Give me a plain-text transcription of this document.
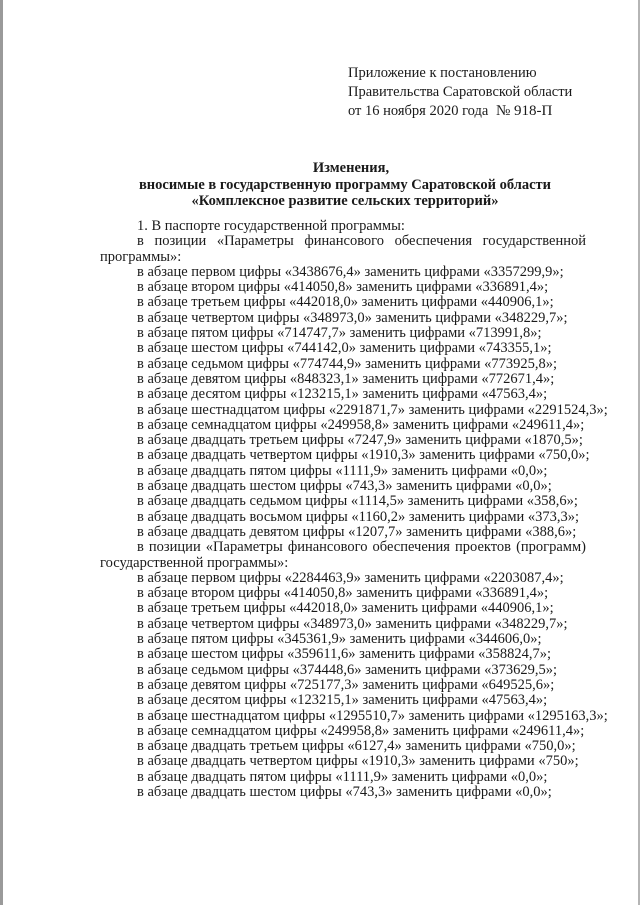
Приложение к постановлению
Правительства Саратовской области
от 16 ноября 2020 года № 918-П
Изменения,
вносимые в государственную программу Саратовской области
«Комплексное развитие сельских территорий»
1. В паспорте государственной программы:
в позиции «Параметры финансового обеспечения государственной программы»:
в абзаце первом цифры «3438676,4» заменить цифрами «3357299,9»;
в абзаце втором цифры «414050,8» заменить цифрами «336891,4»;
в абзаце третьем цифры «442018,0» заменить цифрами «440906,1»;
в абзаце четвертом цифры «348973,0» заменить цифрами «348229,7»;
в абзаце пятом цифры «714747,7» заменить цифрами «713991,8»;
в абзаце шестом цифры «744142,0» заменить цифрами «743355,1»;
в абзаце седьмом цифры «774744,9» заменить цифрами «773925,8»;
в абзаце девятом цифры «848323,1» заменить цифрами «772671,4»;
в абзаце десятом цифры «123215,1» заменить цифрами «47563,4»;
в абзаце шестнадцатом цифры «2291871,7» заменить цифрами «2291524,3»;
в абзаце семнадцатом цифры «249958,8» заменить цифрами «249611,4»;
в абзаце двадцать третьем цифры «7247,9» заменить цифрами «1870,5»;
в абзаце двадцать четвертом цифры «1910,3» заменить цифрами «750,0»;
в абзаце двадцать пятом цифры «1111,9» заменить цифрами «0,0»;
в абзаце двадцать шестом цифры «743,3» заменить цифрами «0,0»;
в абзаце двадцать седьмом цифры «1114,5» заменить цифрами «358,6»;
в абзаце двадцать восьмом цифры «1160,2» заменить цифрами «373,3»;
в абзаце двадцать девятом цифры «1207,7» заменить цифрами «388,6»;
в позиции «Параметры финансового обеспечения проектов (программ) государственной программы»:
в абзаце первом цифры «2284463,9» заменить цифрами «2203087,4»;
в абзаце втором цифры «414050,8» заменить цифрами «336891,4»;
в абзаце третьем цифры «442018,0» заменить цифрами «440906,1»;
в абзаце четвертом цифры «348973,0» заменить цифрами «348229,7»;
в абзаце пятом цифры «345361,9» заменить цифрами «344606,0»;
в абзаце шестом цифры «359611,6» заменить цифрами «358824,7»;
в абзаце седьмом цифры «374448,6» заменить цифрами «373629,5»;
в абзаце девятом цифры «725177,3» заменить цифрами «649525,6»;
в абзаце десятом цифры «123215,1» заменить цифрами «47563,4»;
в абзаце шестнадцатом цифры «1295510,7» заменить цифрами «1295163,3»;
в абзаце семнадцатом цифры «249958,8» заменить цифрами «249611,4»;
в абзаце двадцать третьем цифры «6127,4» заменить цифрами «750,0»;
в абзаце двадцать четвертом цифры «1910,3» заменить цифрами «750»;
в абзаце двадцать пятом цифры «1111,9» заменить цифрами «0,0»;
в абзаце двадцать шестом цифры «743,3» заменить цифрами «0,0»;
